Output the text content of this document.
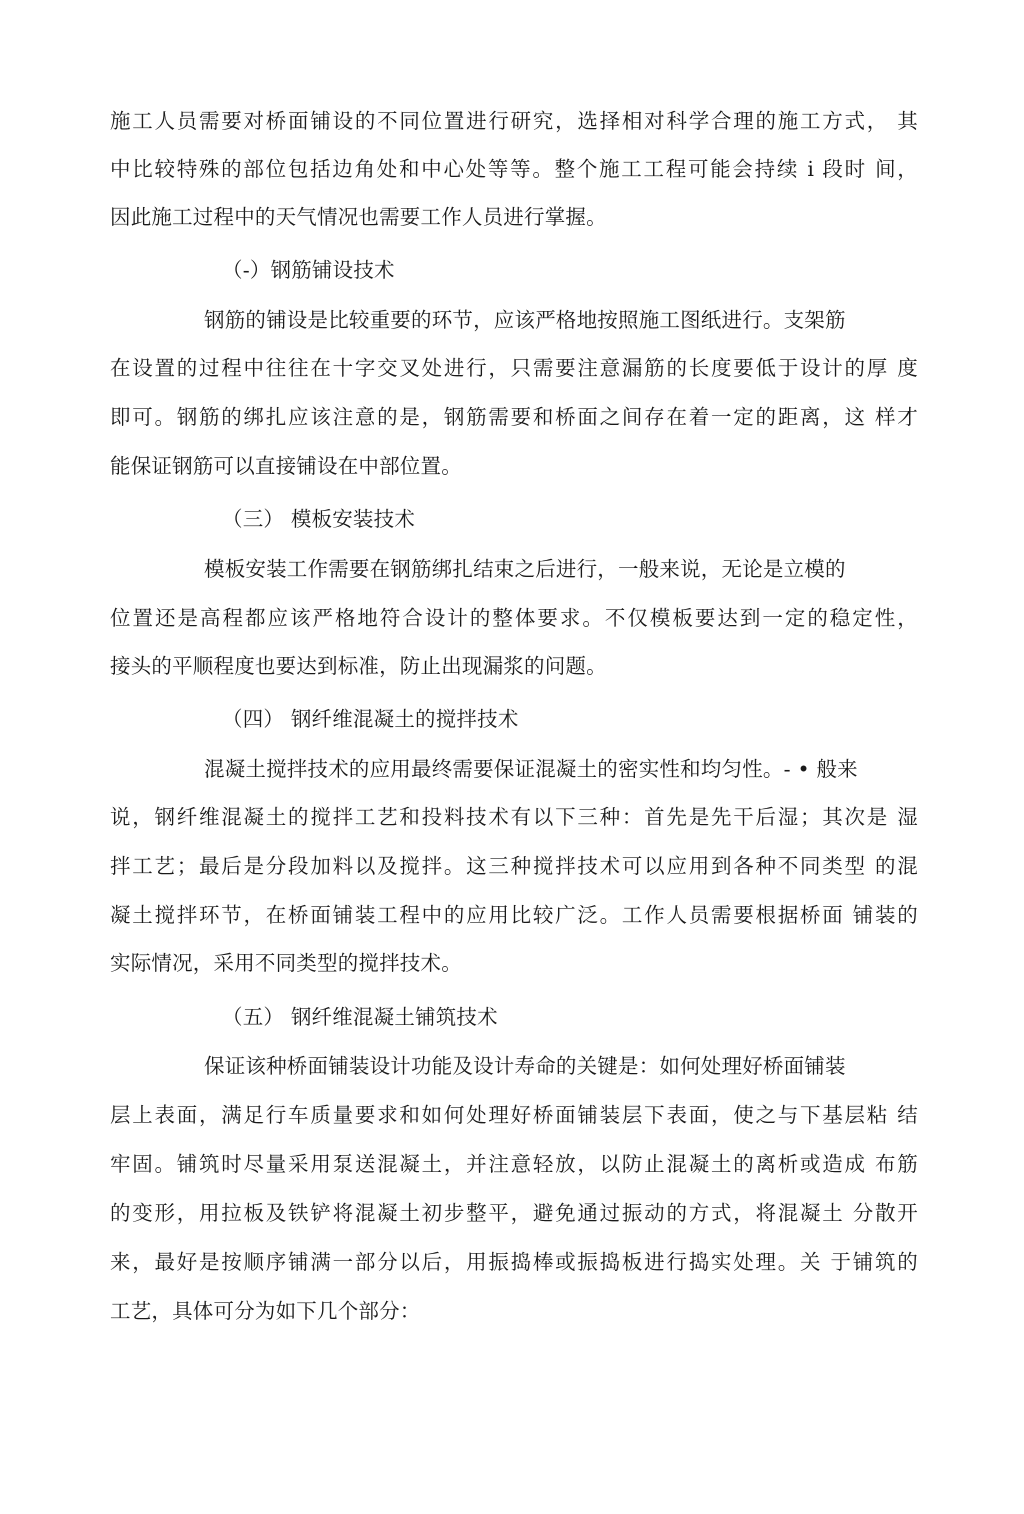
施工人员需要对桥面铺设的不同位置进行研究，选择相对科学合理的施工方式， 其
中比较特殊的部位包括边角处和中心处等等。整个施工工程可能会持续 i 段时 间，
因此施工过程中的天气情况也需要工作人员进行掌握。
（-）钢筋铺设技术
钢筋的铺设是比较重要的环节，应该严格地按照施工图纸进行。支架筋
在设置的过程中往往在十字交叉处进行，只需要注意漏筋的长度要低于设计的厚 度
即可。钢筋的绑扎应该注意的是，钢筋需要和桥面之间存在着一定的距离，这 样才
能保证钢筋可以直接铺设在中部位置。
（三） 模板安装技术
模板安装工作需要在钢筋绑扎结束之后进行，一般来说，无论是立模的
位置还是高程都应该严格地符合设计的整体要求。不仅模板要达到一定的稳定性，
接头的平顺程度也要达到标准，防止出现漏浆的问题。
（四） 钢纤维混凝土的搅拌技术
混凝土搅拌技术的应用最终需要保证混凝土的密实性和均匀性。- • 般来
说，钢纤维混凝土的搅拌工艺和投料技术有以下三种：首先是先干后湿；其次是 湿
拌工艺；最后是分段加料以及搅拌。这三种搅拌技术可以应用到各种不同类型 的混
凝土搅拌环节，在桥面铺装工程中的应用比较广泛。工作人员需要根据桥面 铺装的
实际情况，采用不同类型的搅拌技术。
（五） 钢纤维混凝土铺筑技术
保证该种桥面铺装设计功能及设计寿命的关键是：如何处理好桥面铺装
层上表面，满足行车质量要求和如何处理好桥面铺装层下表面，使之与下基层粘 结
牢固。铺筑时尽量采用泵送混凝土，并注意轻放，以防止混凝土的离析或造成 布筋
的变形，用拉板及铁铲将混凝土初步整平，避免通过振动的方式，将混凝土 分散开
来，最好是按顺序铺满一部分以后，用振捣棒或振捣板进行捣实处理。关 于铺筑的
工艺，具体可分为如下几个部分：
